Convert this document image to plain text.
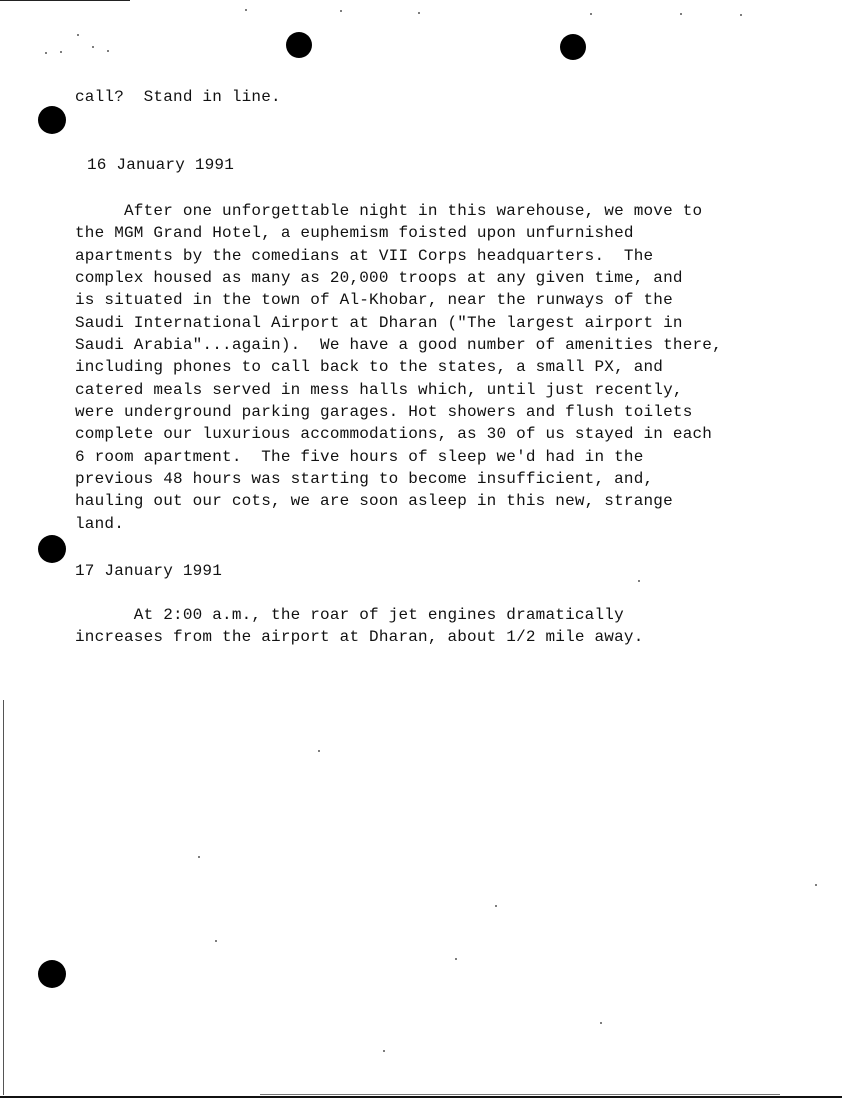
call?  Stand in line.

16 January 1991

After one unforgettable night in this warehouse, we move to
the MGM Grand Hotel, a euphemism foisted upon unfurnished
apartments by the comedians at VII Corps headquarters.  The
complex housed as many as 20,000 troops at any given time, and
is situated in the town of Al-Khobar, near the runways of the
Saudi International Airport at Dharan ("The largest airport in
Saudi Arabia"...again).  We have a good number of amenities there,
including phones to call back to the states, a small PX, and
catered meals served in mess halls which, until just recently,
were underground parking garages. Hot showers and flush toilets
complete our luxurious accommodations, as 30 of us stayed in each
6 room apartment.  The five hours of sleep we'd had in the
previous 48 hours was starting to become insufficient, and,
hauling out our cots, we are soon asleep in this new, strange
land.

17 January 1991

At 2:00 a.m., the roar of jet engines dramatically
increases from the airport at Dharan, about 1/2 mile away.
